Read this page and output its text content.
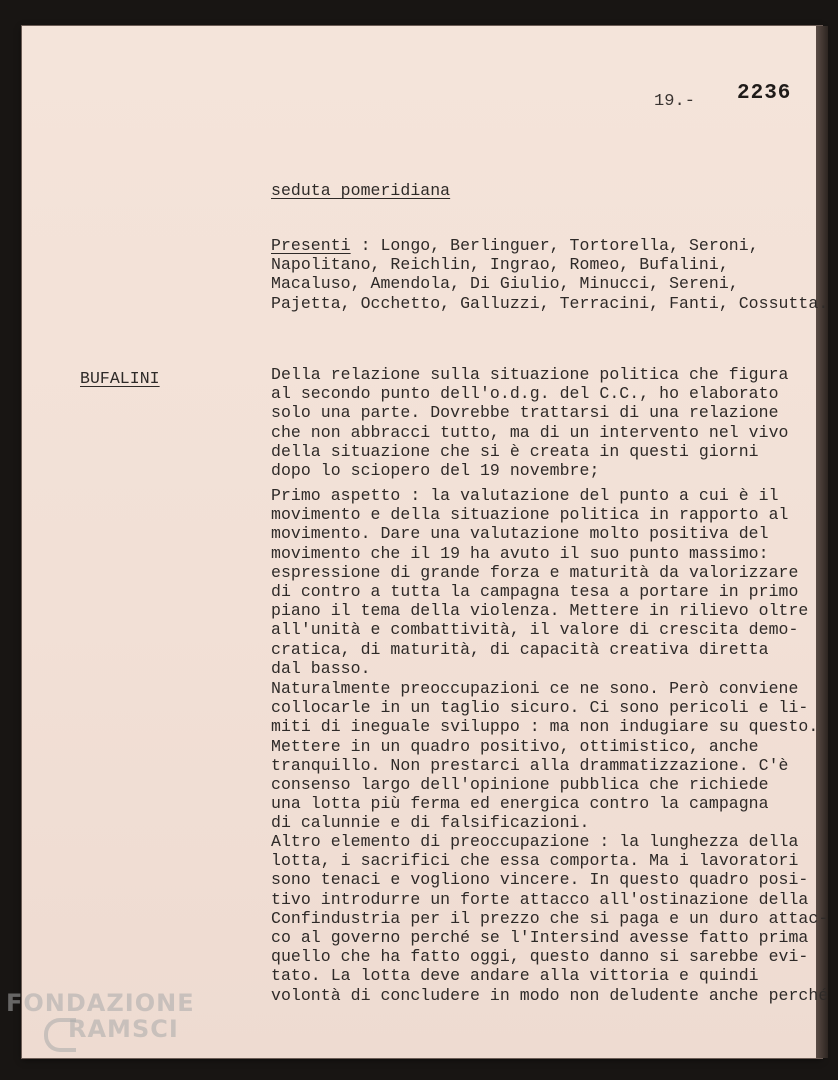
19.- 2236
seduta pomeridiana
Presenti : Longo, Berlinguer, Tortorella, Seroni,
Napolitano, Reichlin, Ingrao, Romeo, Bufalini,
Macaluso, Amendola, Di Giulio, Minucci, Sereni,
Pajetta, Occhetto, Galluzzi, Terracini, Fanti, Cossutta.
BUFALINI	Della relazione sulla situazione politica che figura
al secondo punto dell'o.d.g. del C.C., ho elaborato
solo una parte. Dovrebbe trattarsi di una relazione
che non abbracci tutto, ma di un intervento nel vivo
della situazione che si è creata in questi giorni
dopo lo sciopero del 19 novembre;
Primo aspetto : la valutazione del punto a cui è il
movimento e della situazione politica in rapporto al
movimento. Dare una valutazione molto positiva del
movimento che il 19 ha avuto il suo punto massimo:
espressione di grande forza e maturità da valorizzare
di contro a tutta la campagna tesa a portare in primo
piano il tema della violenza. Mettere in rilievo oltre
all'unità e combattività, il valore di crescita demo-
cratica, di maturità, di capacità creativa diretta
dal basso.
Naturalmente preoccupazioni ce ne sono. Però conviene
collocarle in un taglio sicuro. Ci sono pericoli e li-
miti di ineguale sviluppo : ma non indugiare su questo.
Mettere in un quadro positivo, ottimistico, anche
tranquillo. Non prestarci alla drammatizzazione. C'è
consenso largo dell'opinione pubblica che richiede
una lotta più ferma ed energica contro la campagna
di calunnie e di falsificazioni.
Altro elemento di preoccupazione : la lunghezza della
lotta, i sacrifici che essa comporta. Ma i lavoratori
sono tenaci e vogliono vincere. In questo quadro posi-
tivo introdurre un forte attacco all'ostinazione della
Confindustria per il prezzo che si paga e un duro attac-
co al governo perché se l'Intersind avesse fatto prima
quello che ha fatto oggi, questo danno si sarebbe evi-
tato. La lotta deve andare alla vittoria e quindi
volontà di concludere in modo non deludente anche perché
FONDAZIONE
RAMSCI
